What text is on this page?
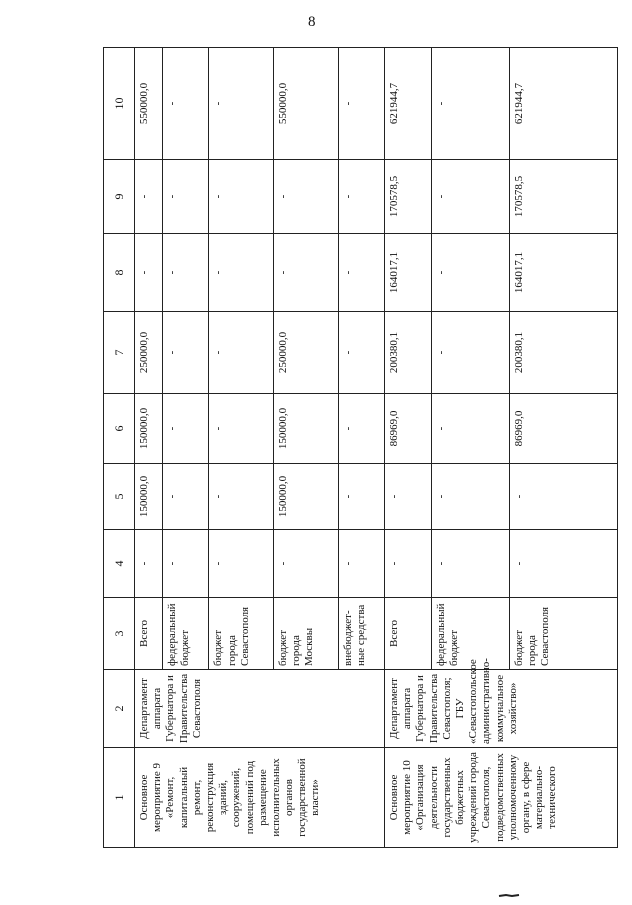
8
1	2	3	4	5	6	7	8	9	10
Основное мероприятие 9 «Ремонт, капитальный ремонт, реконструкция зданий, сооружений, помещений под размещение исполнительных органов государственной власти»	Департамент аппарата Губернатора и Правительства Севастополя	Всего	-	150000,0	150000,0	250000,0	-	-	550000,0
		федеральный бюджет	-	-	-	-	-	-	-
		бюджет города Севастополя	-	-	-	-	-	-	-
		бюджет города Москвы	-	150000,0	150000,0	250000,0	-	-	550000,0
		внебюджет-ные средства	-	-	-	-	-	-	-
Основное мероприятие 10 «Организация деятельности государственных бюджетных учреждений города Севастополя, подведомственных уполномоченному органу, в сфере материально-технического	Департамент аппарата Губернатора и Правительства Севастополя; ГБУ «Севастопольское административно-коммунальное хозяйство»	Всего	-	-	86969,0	200380,1	164017,1	170578,5	621944,7
		федеральный бюджет	-	-	-	-	-	-	-
		бюджет города Севастополя	-	-	86969,0	200380,1	164017,1	170578,5	621944,7
